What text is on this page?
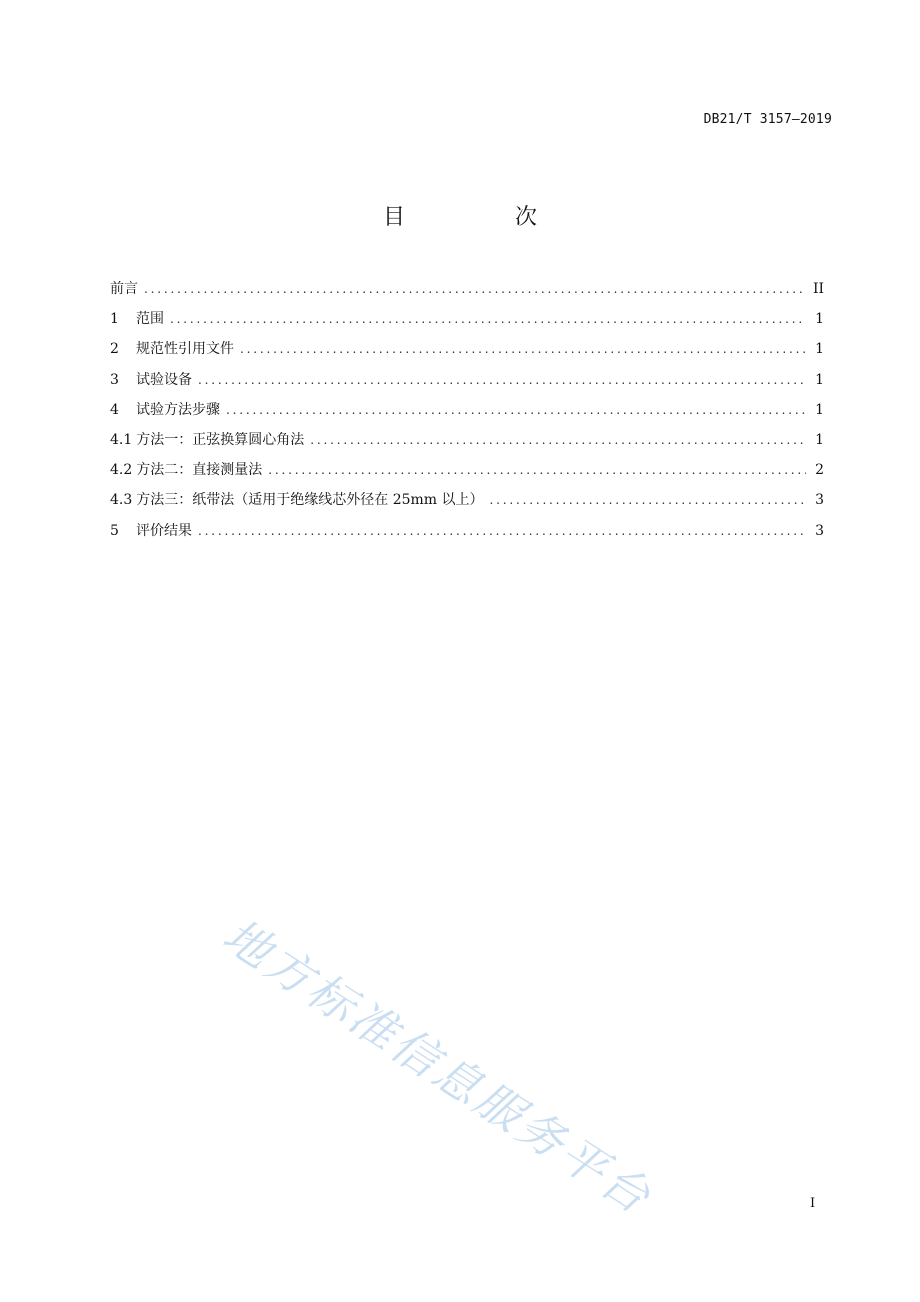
DB21/T 3157—2019
目　次
前言 .....	II
1 范围 .....	1
2 规范性引用文件 .....	1
3 试验设备 .....	1
4 试验方法步骤 .....	1
4.1 方法一：正弦换算圆心角法 .....	1
4.2 方法二：直接测量法 .....	2
4.3 方法三：纸带法（适用于绝缘线芯外径在 25mm 以上） .....	3
5 评价结果 .....	3
地方标准信息服务平台	I
